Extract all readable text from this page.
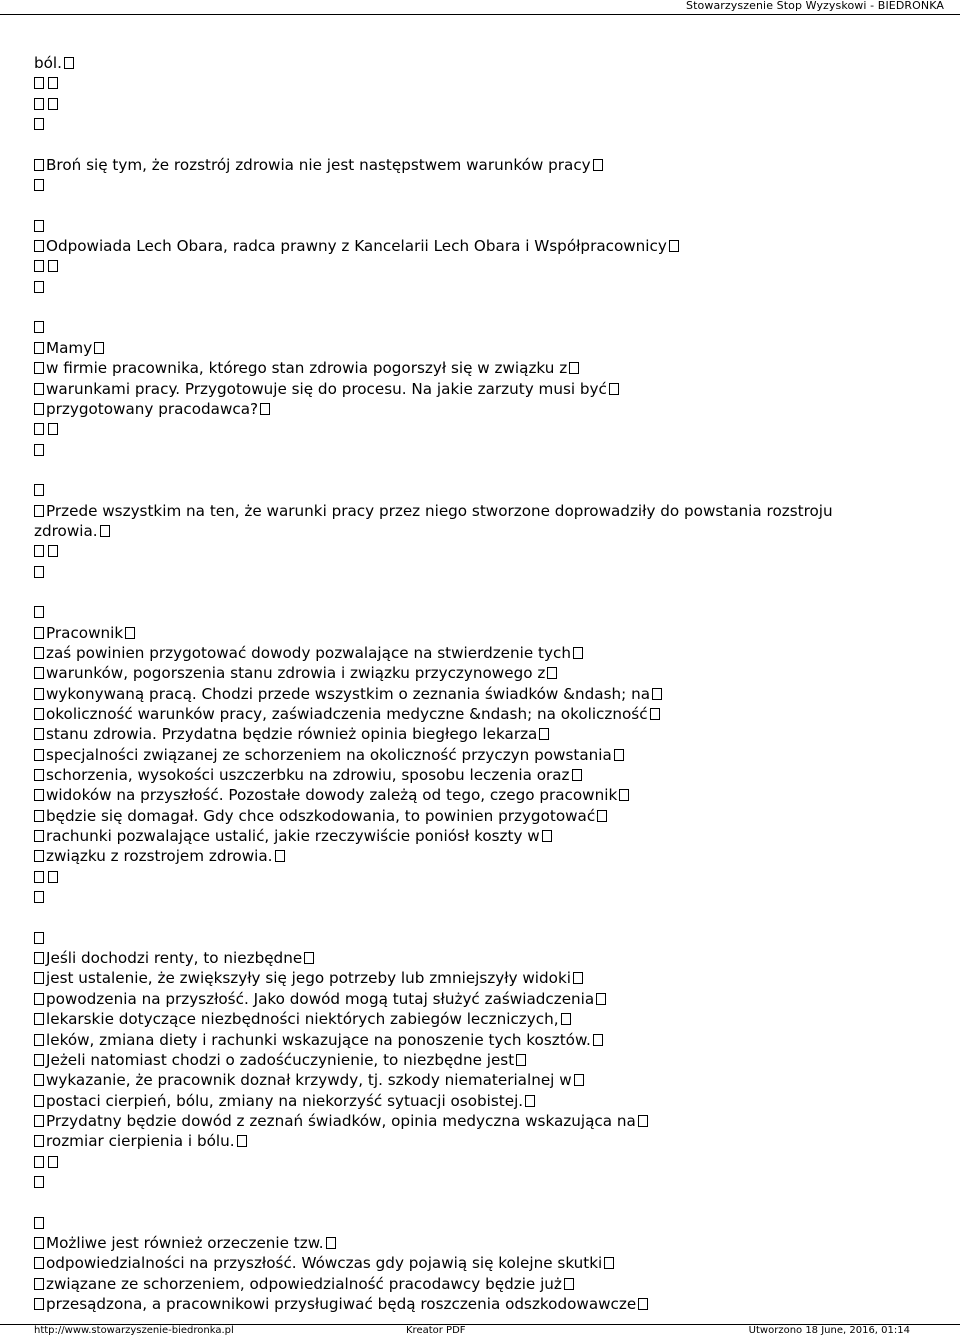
Stowarzyszenie Stop Wyzyskowi - BIEDRONKA
ból.
Broń się tym, że rozstrój zdrowia nie jest następstwem warunków pracy
Odpowiada Lech Obara, radca prawny z Kancelarii Lech Obara i Współpracownicy
Mamy
w firmie pracownika, którego stan zdrowia pogorszył się w związku z
warunkami pracy. Przygotowuje się do procesu. Na jakie zarzuty musi być
przygotowany pracodawca?
Przede wszystkim na ten, że warunki pracy przez niego stworzone doprowadziły do powstania rozstroju
zdrowia.
Pracownik
zaś powinien przygotować dowody pozwalające na stwierdzenie tych
warunków, pogorszenia stanu zdrowia i związku przyczynowego z
wykonywaną pracą. Chodzi przede wszystkim o zeznania świadków &ndash; na
okoliczność warunków pracy, zaświadczenia medyczne &ndash; na okoliczność
stanu zdrowia. Przydatna będzie również opinia biegłego lekarza
specjalności związanej ze schorzeniem na okoliczność przyczyn powstania
schorzenia, wysokości uszczerbku na zdrowiu, sposobu leczenia oraz
widoków na przyszłość. Pozostałe dowody zależą od tego, czego pracownik
będzie się domagał. Gdy chce odszkodowania, to powinien przygotować
rachunki pozwalające ustalić, jakie rzeczywiście poniósł koszty w
związku z rozstrojem zdrowia.
Jeśli dochodzi renty, to niezbędne
jest ustalenie, że zwiększyły się jego potrzeby lub zmniejszyły widoki
powodzenia na przyszłość. Jako dowód mogą tutaj służyć zaświadczenia
lekarskie dotyczące niezbędności niektórych zabiegów leczniczych,
leków, zmiana diety i rachunki wskazujące na ponoszenie tych kosztów.
Jeżeli natomiast chodzi o zadośćuczynienie, to niezbędne jest
wykazanie, że pracownik doznał krzywdy, tj. szkody niematerialnej w
postaci cierpień, bólu, zmiany na niekorzyść sytuacji osobistej.
Przydatny będzie dowód z zeznań świadków, opinia medyczna wskazująca na
rozmiar cierpienia i bólu.
Możliwe jest również orzeczenie tzw.
odpowiedzialności na przyszłość. Wówczas gdy pojawią się kolejne skutki
związane ze schorzeniem, odpowiedzialność pracodawcy będzie już
przesądzona, a pracownikowi przysługiwać będą roszczenia odszkodowawcze
http://www.stowarzyszenie-biedronka.pl	Kreator PDF	Utworzono 18 June, 2016, 01:14
